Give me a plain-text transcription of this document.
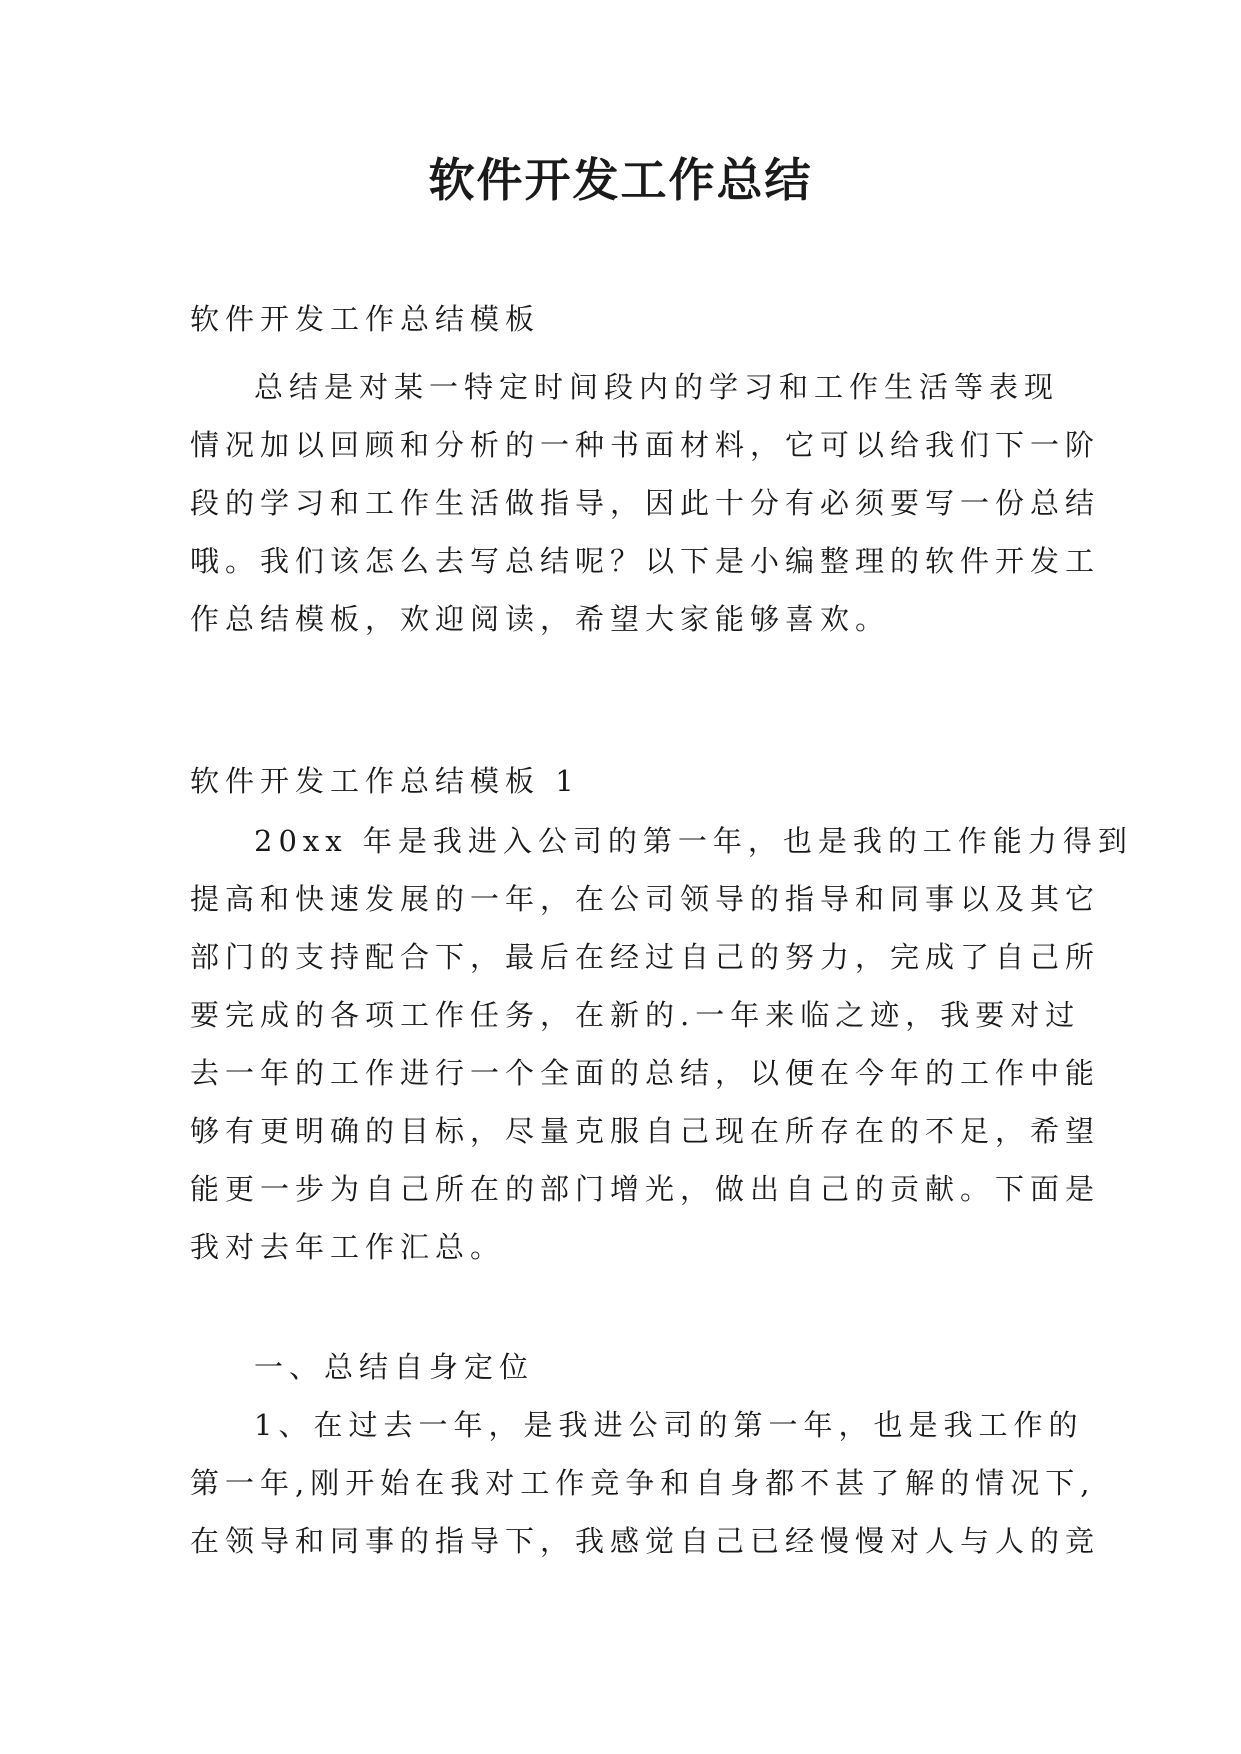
软件开发工作总结
软件开发工作总结模板
总结是对某一特定时间段内的学习和工作生活等表现
情况加以回顾和分析的一种书面材料，它可以给我们下一阶
段的学习和工作生活做指导，因此十分有必须要写一份总结
哦。我们该怎么去写总结呢？以下是小编整理的软件开发工
作总结模板，欢迎阅读，希望大家能够喜欢。
软件开发工作总结模板 1
20xx 年是我进入公司的第一年，也是我的工作能力得到
提高和快速发展的一年，在公司领导的指导和同事以及其它
部门的支持配合下，最后在经过自己的努力，完成了自己所
要完成的各项工作任务，在新的.一年来临之迹，我要对过
去一年的工作进行一个全面的总结，以便在今年的工作中能
够有更明确的目标，尽量克服自己现在所存在的不足，希望
能更一步为自己所在的部门增光，做出自己的贡献。下面是
我对去年工作汇总。
一、总结自身定位
1、在过去一年，是我进公司的第一年，也是我工作的
第一年,刚开始在我对工作竞争和自身都不甚了解的情况下,
在领导和同事的指导下，我感觉自己已经慢慢对人与人的竞
